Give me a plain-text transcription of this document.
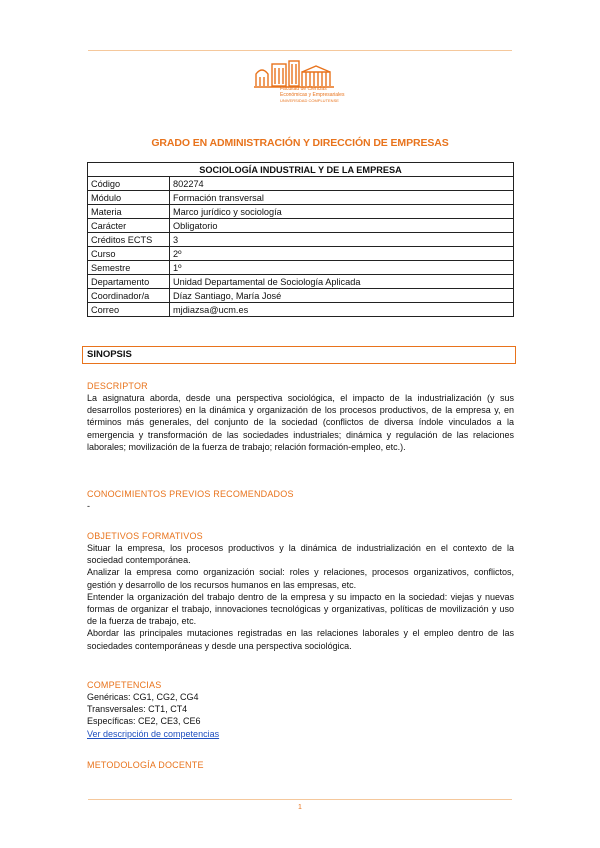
Facultad de Ciencias
Económicas y Empresariales
UNIVERSIDAD COMPLUTENSE
GRADO EN ADMINISTRACIÓN Y DIRECCIÓN DE EMPRESAS
SOCIOLOGÍA INDUSTRIAL Y DE LA EMPRESA	
Código	802274
Módulo	Formación transversal
Materia	Marco jurídico y sociología
Carácter	Obligatorio
Créditos ECTS	3
Curso	2º
Semestre	1º
Departamento	Unidad Departamental de Sociología Aplicada
Coordinador/a	Díaz Santiago, María José
Correo	mjdiazsa@ucm.es
SINOPSIS
DESCRIPTOR
La asignatura aborda, desde una perspectiva sociológica, el impacto de la industrialización (y sus desarrollos posteriores) en la dinámica y organización de los procesos productivos, de la empresa y, en términos más generales, del conjunto de la sociedad (conflictos de diversa índole vinculados a la emergencia y transformación de las sociedades industriales; dinámica y regulación de las relaciones laborales; movilización de la fuerza de trabajo; relación formación-empleo, etc.).
CONOCIMIENTOS PREVIOS RECOMENDADOS
-
OBJETIVOS FORMATIVOS
Situar la empresa, los procesos productivos y la dinámica de industrialización en el contexto de la sociedad contemporánea.
Analizar la empresa como organización social: roles y relaciones, procesos organizativos, conflictos, gestión y desarrollo de los recursos humanos en las empresas, etc.
Entender la organización del trabajo dentro de la empresa y su impacto en la sociedad: viejas y nuevas formas de organizar el trabajo, innovaciones tecnológicas y organizativas, políticas de movilización y uso de la fuerza de trabajo, etc.
Abordar las principales mutaciones registradas en las relaciones laborales y el empleo dentro de las sociedades contemporáneas y desde una perspectiva sociológica.
COMPETENCIAS
Genéricas: CG1, CG2, CG4
Transversales: CT1, CT4
Específicas: CE2, CE3, CE6
Ver descripción de competencias
METODOLOGÍA DOCENTE
1
